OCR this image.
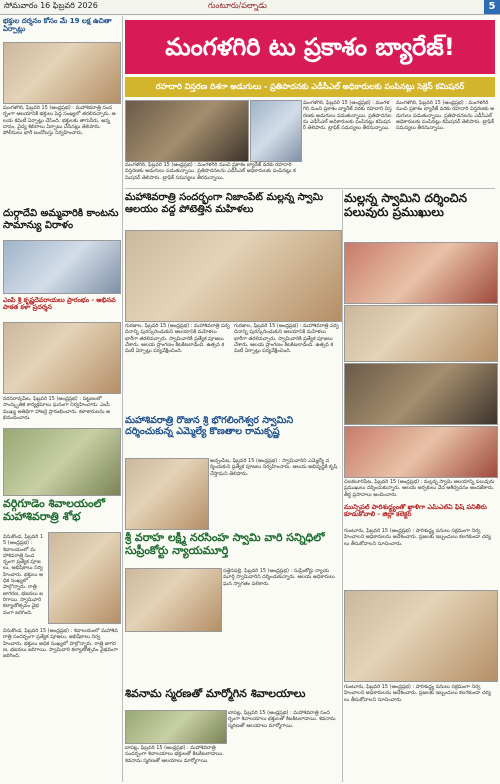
సోమవారం 16 ఫిబ్రవరి 2026	గుంటూరు/పల్నాడు	5
భక్తుల దర్శనం కోసం మే 19 లక్ష ఉచితా ఏర్పాట్లు
మంగళగిరి, ఫిబ్రవరి 15 (ఆంధ్రప్రభ) : మహాశివరాత్రి సందర్భంగా ఆలయానికి భక్తులు పెద్ద సంఖ్యలో తరలివచ్చారు. ఆలయ కమిటీ ఏర్పాట్లు చేసింది. భక్తులకు తాగునీరు, అన్నదానం, వైద్య శిబిరాలు ఏర్పాటు చేసినట్లు తెలిపారు. పోలీసులు భారీ బందోబస్తు నిర్వహించారు.
దుర్గాదేవి అమ్మవారికి కాంటను సామాన్యు విరాళం
ఎంపీ శ్రీ కృష్ణదేవరాయలు ప్రారంభం - అభినవ పాకత కళా ప్రదర్శన
నరసరావుపేట, ఫిబ్రవరి 15 (ఆంధ్రప్రభ) : పట్టణంలో సాంస్కృతిక కార్యక్రమాలు ఘనంగా నిర్వహించారు. ఎంపీ ముఖ్య అతిథిగా హాజరై ప్రారంభించారు. కళాకారులను అభినందించారు.
వర్గిగూడెం శివాలయంలో మహాశివరాత్రి శోభ
వినుకొండ, ఫిబ్రవరి 15 (ఆంధ్రప్రభ) : శివాలయంలో మహాశివరాత్రి సందర్భంగా ప్రత్యేక పూజలు, అభిషేకాలు నిర్వహించారు. భక్తులు అధిక సంఖ్యలో పాల్గొన్నారు. రాత్రి జాగరణ, భజనలు జరిగాయి. స్వామివారి కల్యాణోత్సవం వైభవంగా జరిగింది.
వినుకొండ, ఫిబ్రవరి 15 (ఆంధ్రప్రభ) : శివాలయంలో మహాశివరాత్రి సందర్భంగా ప్రత్యేక పూజలు, అభిషేకాలు నిర్వహించారు. భక్తులు అధిక సంఖ్యలో పాల్గొన్నారు. రాత్రి జాగరణ, భజనలు జరిగాయి. స్వామివారి కల్యాణోత్సవం వైభవంగా జరిగింది.
మంగళగిరి టు ప్రకాశం బ్యారేజ్!
రహదారి విస్తరణ దిశగా అడుగులు - ప్రతిపాదనకు ఎడీసీఎల్ అధికారులకు పంపినట్లు సెక్రెస్ కమిషనర్
మంగళగిరి, ఫిబ్రవరి 15 (ఆంధ్రప్రభ) : మంగళగిరి నుంచి ప్రకాశం బ్యారేజ్ వరకు రహదారి విస్తరణకు అడుగులు పడుతున్నాయి. ప్రతిపాదనలను ఎడీసీఎల్ అధికారులకు పంపినట్లు కమిషనర్ తెలిపారు. ట్రాఫిక్ సమస్యలు తీరనున్నాయి.
మంగళగిరి, ఫిబ్రవరి 15 (ఆంధ్రప్రభ) : మంగళగిరి నుంచి ప్రకాశం బ్యారేజ్ వరకు రహదారి విస్తరణకు అడుగులు పడుతున్నాయి. ప్రతిపాదనలను ఎడీసీఎల్ అధికారులకు పంపినట్లు కమిషనర్ తెలిపారు. ట్రాఫిక్ సమస్యలు తీరనున్నాయి.
మంగళగిరి, ఫిబ్రవరి 15 (ఆంధ్రప్రభ) : మంగళగిరి నుంచి ప్రకాశం బ్యారేజ్ వరకు రహదారి విస్తరణకు అడుగులు పడుతున్నాయి. ప్రతిపాదనలను ఎడీసీఎల్ అధికారులకు పంపినట్లు కమిషనర్ తెలిపారు. ట్రాఫిక్ సమస్యలు తీరనున్నాయి.
మహాశివరాత్రి సందర్భంగా నిజాంపేట్ మల్లన్న స్వామి ఆలయం వద్ద పోటెత్తిన మహిళలు
గురజాల, ఫిబ్రవరి 15 (ఆంధ్రప్రభ) : మహాశివరాత్రి పర్వదినాన్ని పురస్కరించుకుని ఆలయానికి మహిళలు భారీగా తరలివచ్చారు. స్వామివారికి ప్రత్యేక పూజలు చేశారు. ఆలయ ప్రాంగణం కిటకిటలాడింది. ఉత్సవ కమిటీ ఏర్పాట్లు పర్యవేక్షించింది.
గురజాల, ఫిబ్రవరి 15 (ఆంధ్రప్రభ) : మహాశివరాత్రి పర్వదినాన్ని పురస్కరించుకుని ఆలయానికి మహిళలు భారీగా తరలివచ్చారు. స్వామివారికి ప్రత్యేక పూజలు చేశారు. ఆలయ ప్రాంగణం కిటకిటలాడింది. ఉత్సవ కమిటీ ఏర్పాట్లు పర్యవేక్షించింది.
మల్లన్న స్వామిని దర్శించిన పలువురు ప్రముఖులు
చిలకలూరిపేట, ఫిబ్రవరి 15 (ఆంధ్రప్రభ) : మల్లన్న స్వామి ఆలయాన్ని పలువురు ప్రముఖులు దర్శించుకున్నారు. ఆలయ అర్చకులు వేద ఆశీర్వచనం అందజేశారు. తీర్థ ప్రసాదాలు అందించారు.
మహాశివరాత్రి రోజున శ్రీ భోగలింగేశ్వర స్వామిని దర్శించుకున్న ఎమ్మెల్యే కొణతాల రామకృష్ణ
అచ్చంపేట, ఫిబ్రవరి 15 (ఆంధ్రప్రభ) : స్వామివారిని ఎమ్మెల్యే దర్శించుకుని ప్రత్యేక పూజలు నిర్వహించారు. ఆలయ అభివృద్ధికి కృషి చేస్తామని తెలిపారు.
శ్రీ వరాహ లక్ష్మీ నరసింహ స్వామి వారి సన్నిధిలో సుప్రీంకోర్టు న్యాయమూర్తి
సత్తెనపల్లి, ఫిబ్రవరి 15 (ఆంధ్రప్రభ) : సుప్రీంకోర్టు న్యాయమూర్తి స్వామివారిని దర్శించుకున్నారు. ఆలయ అధికారులు ఘన స్వాగతం పలికారు.
శివనామ స్మరణతో మార్మోగిన శివాలయాలు
బాపట్ల, ఫిబ్రవరి 15 (ఆంధ్రప్రభ) : మహాశివరాత్రి సందర్భంగా శివాలయాలు భక్తులతో కిటకిటలాడాయి. శివనామ స్మరణతో ఆలయాలు మార్మోగాయి.
బాపట్ల, ఫిబ్రవరి 15 (ఆంధ్రప్రభ) : మహాశివరాత్రి సందర్భంగా శివాలయాలు భక్తులతో కిటకిటలాడాయి. శివనామ స్మరణతో ఆలయాలు మార్మోగాయి.
మున్సిపల్ పారిశుద్ధ్యంతో ఖాళిగా ఎమ్ఎల్ఏ ఫిష్ పనితీరు కూడుకోవాలి - జిల్లా కలెక్టర్
గుంటూరు, ఫిబ్రవరి 15 (ఆంధ్రప్రభ) : పారిశుద్ధ్య పనులు సక్రమంగా నిర్వహించాలని అధికారులను ఆదేశించారు. ప్రజలకు ఇబ్బందులు కలగకుండా చర్యలు తీసుకోవాలని సూచించారు.
గుంటూరు, ఫిబ్రవరి 15 (ఆంధ్రప్రభ) : పారిశుద్ధ్య పనులు సక్రమంగా నిర్వహించాలని అధికారులను ఆదేశించారు. ప్రజలకు ఇబ్బందులు కలగకుండా చర్యలు తీసుకోవాలని సూచించారు.
